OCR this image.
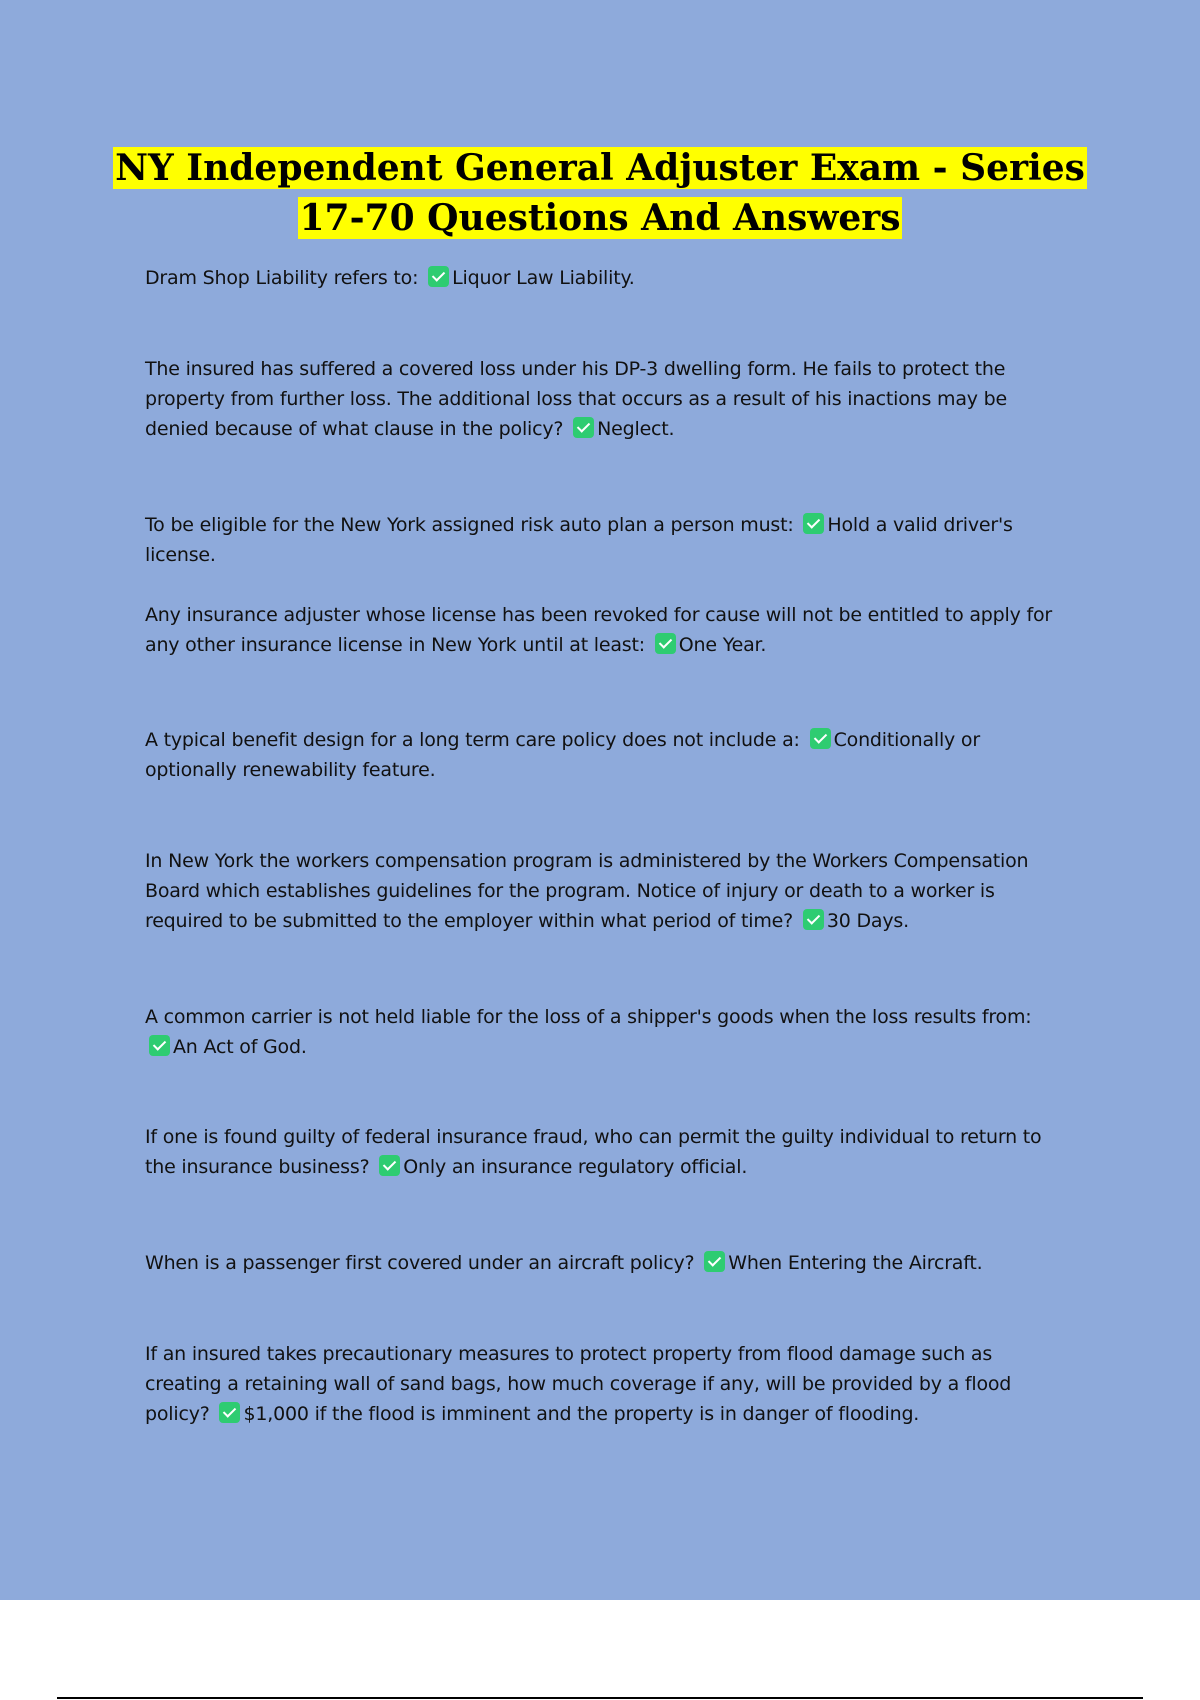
NY Independent General Adjuster Exam - Series 17-70 Questions And Answers

Dram Shop Liability refers to: Liquor Law Liability.

The insured has suffered a covered loss under his DP-3 dwelling form. He fails to protect the property from further loss. The additional loss that occurs as a result of his inactions may be denied because of what clause in the policy? Neglect.

To be eligible for the New York assigned risk auto plan a person must: Hold a valid driver's license.

Any insurance adjuster whose license has been revoked for cause will not be entitled to apply for any other insurance license in New York until at least: One Year.

A typical benefit design for a long term care policy does not include a: Conditionally or optionally renewability feature.

In New York the workers compensation program is administered by the Workers Compensation Board which establishes guidelines for the program. Notice of injury or death to a worker is required to be submitted to the employer within what period of time? 30 Days.

A common carrier is not held liable for the loss of a shipper's goods when the loss results from: An Act of God.

If one is found guilty of federal insurance fraud, who can permit the guilty individual to return to the insurance business? Only an insurance regulatory official.

When is a passenger first covered under an aircraft policy? When Entering the Aircraft.

If an insured takes precautionary measures to protect property from flood damage such as creating a retaining wall of sand bags, how much coverage if any, will be provided by a flood policy? $1,000 if the flood is imminent and the property is in danger of flooding.
